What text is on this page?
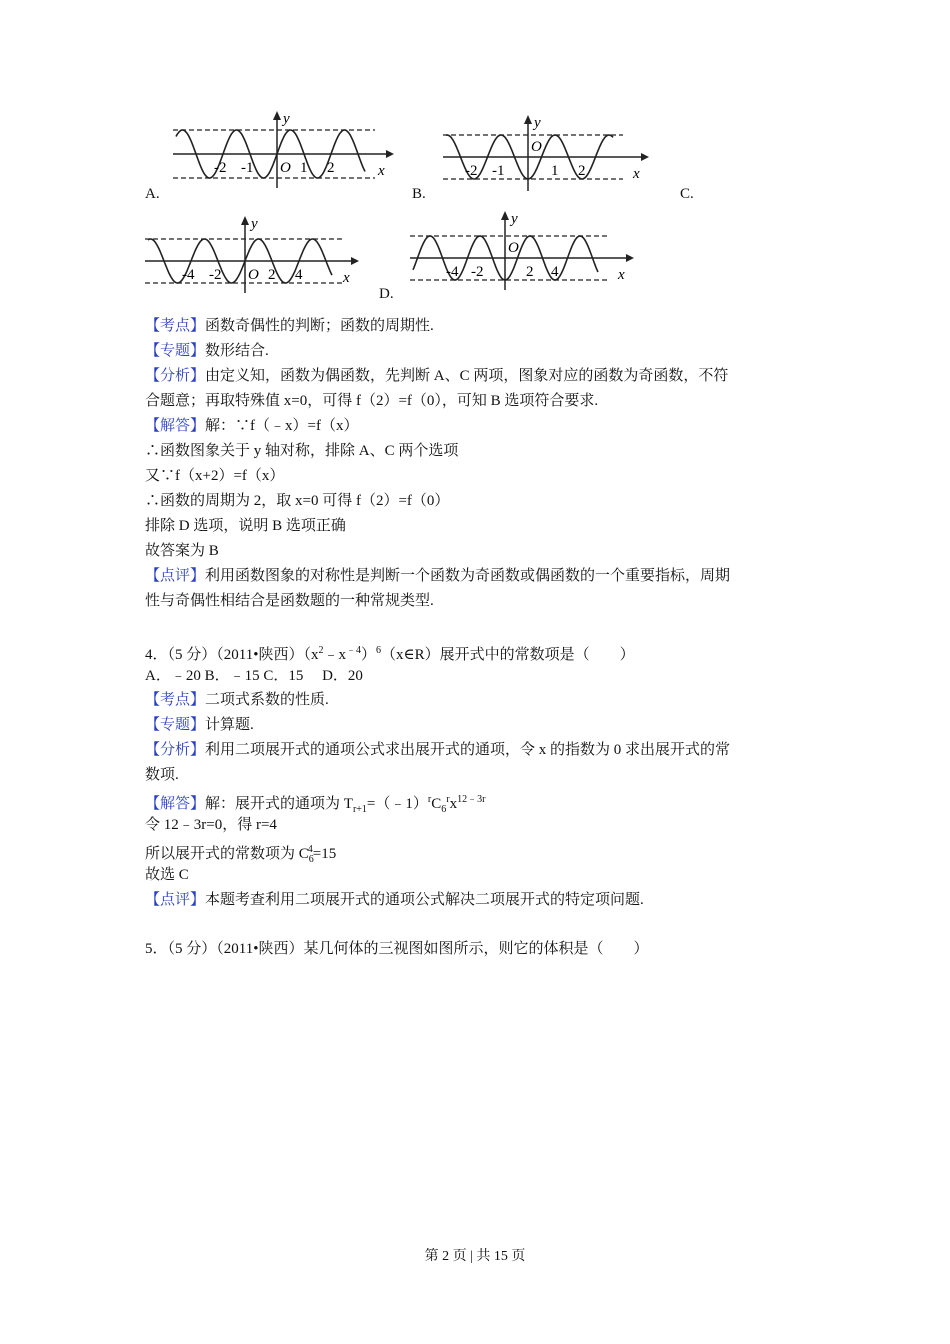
-2 -1	1 2	x
y
O	-2 -1	1 2	x
y
O
-4 -2	2 4	x
y
O	-4 -2	2 4	x
y
O
A.	B.	C.
D.
【考点】函数奇偶性的判断；函数的周期性.
【专题】数形结合.
【分析】由定义知，函数为偶函数，先判断 A、C 两项，图象对应的函数为奇函数，不符
合题意；再取特殊值 x=0，可得 f（2）=f（0），可知 B 选项符合要求.
【解答】解：∵f（﹣x）=f（x）
∴函数图象关于 y 轴对称，排除 A、C 两个选项
又∵f（x+2）=f（x）
∴函数的周期为 2，取 x=0 可得 f（2）=f（0）
排除 D 选项，说明 B 选项正确
故答案为 B
【点评】利用函数图象的对称性是判断一个函数为奇函数或偶函数的一个重要指标，周期
性与奇偶性相结合是函数题的一种常规类型.
4．（5 分）（2011•陕西）$(x^2﹣x^{﹣4})^6(x\in R)$展开式中的常数项是（　　）
A．﹣20 B．﹣15 C．15　 D．20
【考点】二项式系数的性质.
【专题】计算题.
【分析】利用二项展开式的通项公式求出展开式的通项，令 x 的指数为 0 求出展开式的常
数项.
【解答】解：展开式的通项为 $T_{r+1}=(﹣1)^rC_6^rx^{12﹣3r}$
令 12﹣3r=0，得 r=4
所以展开式的常数项为 $C_6^4=15$
故选 C
【点评】本题考查利用二项展开式的通项公式解决二项展开式的特定项问题.
5．（5 分）（2011•陕西）某几何体的三视图如图所示，则它的体积是（　　）
第 2 页 | 共 15 页
